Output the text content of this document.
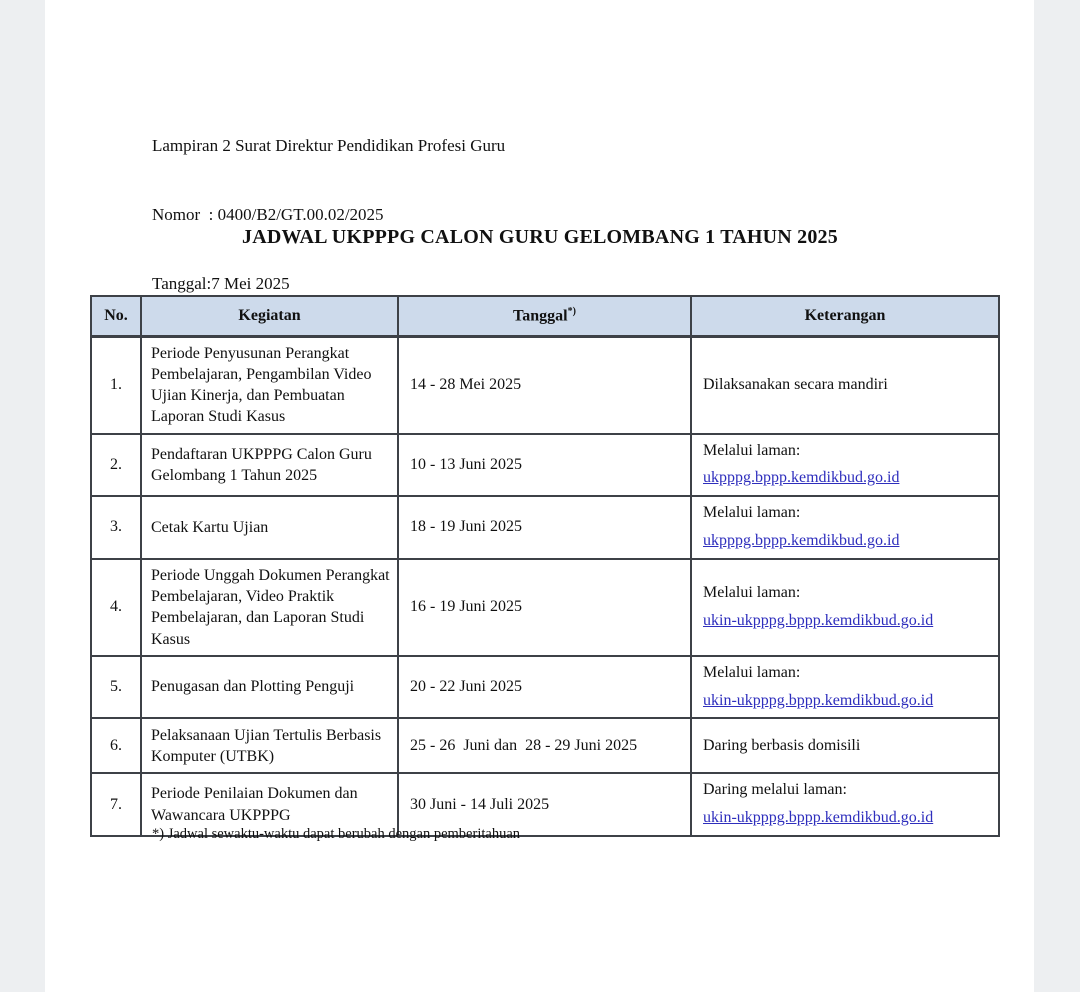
Lampiran 2 Surat Direktur Pendidikan Profesi Guru

Nomor  : 0400/B2/GT.00.02/2025

Tanggal:7 Mei 2025

JADWAL UKPPPG CALON GURU GELOMBANG 1 TAHUN 2025
No.	Kegiatan	Tanggal*)	Keterangan
1.	Periode Penyusunan Perangkat Pembelajaran, Pengambilan Video Ujian Kinerja, dan Pembuatan Laporan Studi Kasus	14 - 28 Mei 2025	Dilaksanakan secara mandiri

2.	Pendaftaran UKPPPG Calon Guru Gelombang 1 Tahun 2025	10 - 13 Juni 2025	Melalui laman:
ukpppg.bppp.kemdikbud.go.id
3.	Cetak Kartu Ujian	18 - 19 Juni 2025	Melalui laman:
ukpppg.bppp.kemdikbud.go.id
4.	Periode Unggah Dokumen Perangkat Pembelajaran, Video Praktik Pembelajaran, dan Laporan Studi Kasus	16 - 19 Juni 2025	Melalui laman:
ukin-ukpppg.bppp.kemdikbud.go.id
5.	Penugasan dan Plotting Penguji	20 - 22 Juni 2025	Melalui laman:
ukin-ukpppg.bppp.kemdikbud.go.id
6.	Pelaksanaan Ujian Tertulis Berbasis Komputer (UTBK)	25 - 26  Juni dan  28 - 29 Juni 2025	Daring berbasis domisili

7.	Periode Penilaian Dokumen dan Wawancara UKPPPG	30 Juni - 14 Juli 2025	Daring melalui laman:
ukin-ukpppg.bppp.kemdikbud.go.id
*) Jadwal sewaktu-waktu dapat berubah dengan pemberitahuan
